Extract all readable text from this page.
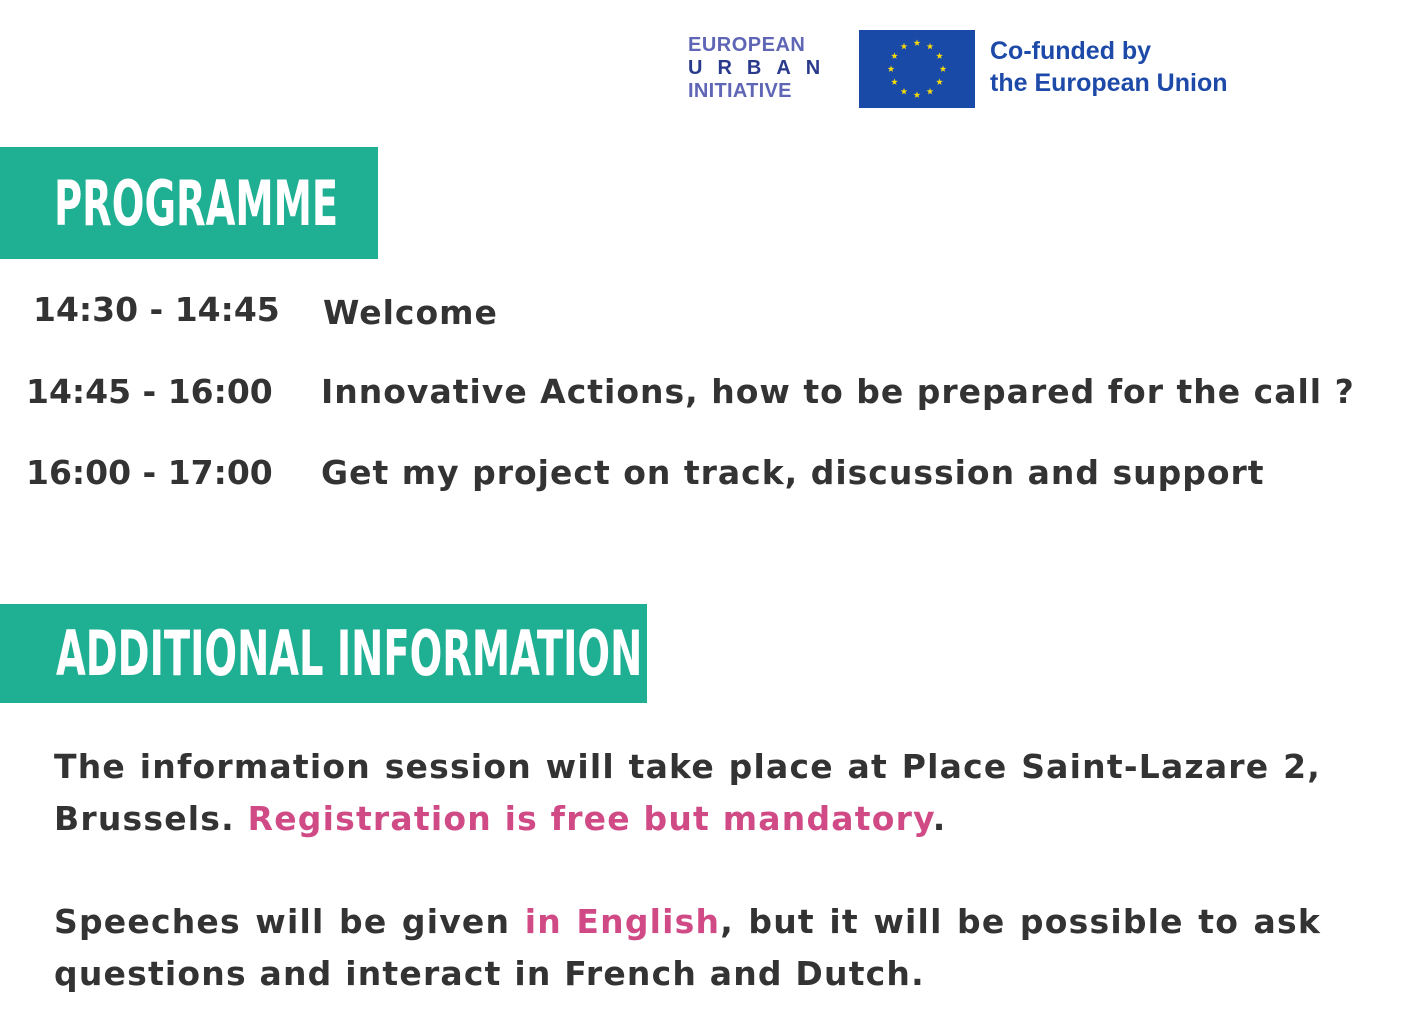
EUROPEAN
URBAN
INITIATIVE
Co-funded by
the European Union
PROGRAMME
14:30 - 14:45 Welcome
14:45 - 16:00 Innovative Actions, how to be prepared for the call ?
16:00 - 17:00 Get my project on track, discussion and support
ADDITIONAL INFORMATION
The information session will take place at Place Saint-Lazare 2, Brussels. Registration is free but mandatory.
Speeches will be given in English, but it will be possible to ask questions and interact in French and Dutch.
